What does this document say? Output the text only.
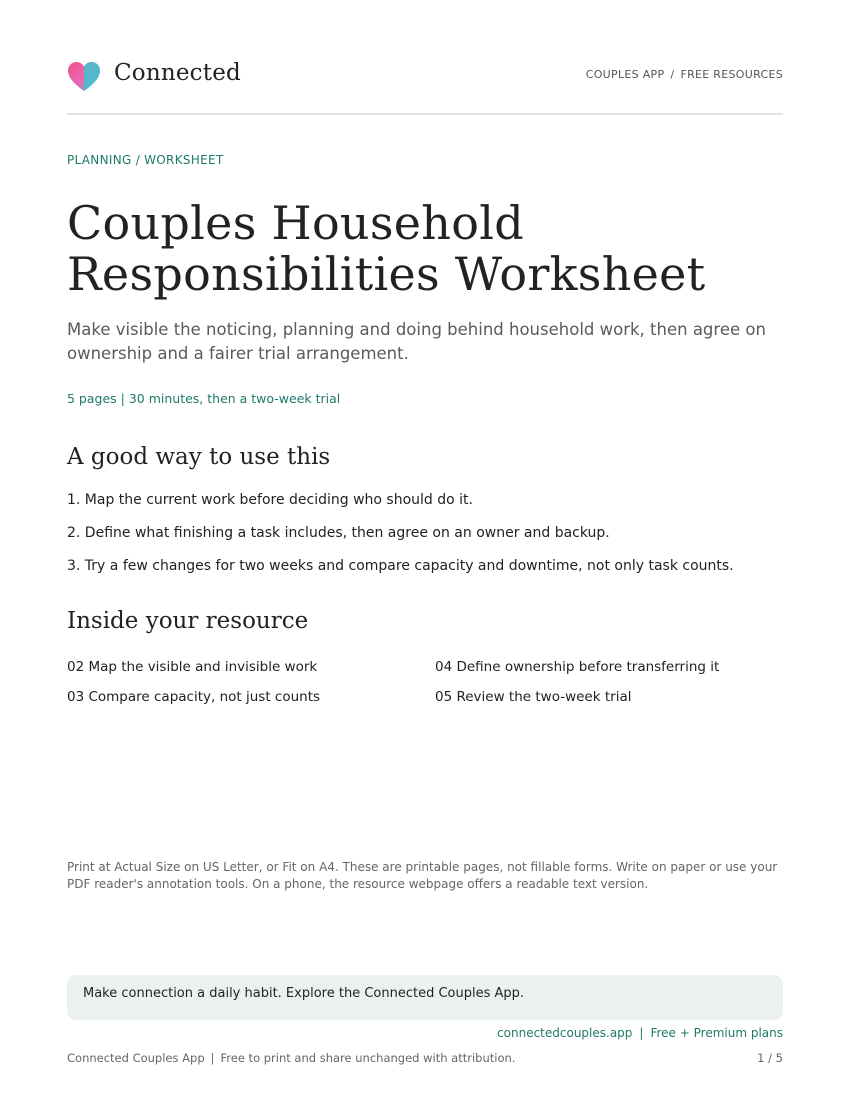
Connected	COUPLES APP / FREE RESOURCES
PLANNING / WORKSHEET
Couples Household Responsibilities Worksheet

Make visible the noticing, planning and doing behind household work, then agree on ownership and a fairer trial arrangement.

5 pages | 30 minutes, then a two-week trial
A good way to use this
1. Map the current work before deciding who should do it.
2. Define what finishing a task includes, then agree on an owner and backup.
3. Try a few changes for two weeks and compare capacity and downtime, not only task counts.
Inside your resource
02 Map the visible and invisible work
03 Compare capacity, not just counts
04 Define ownership before transferring it
05 Review the two-week trial

Print at Actual Size on US Letter, or Fit on A4. These are printable pages, not fillable forms. Write on paper or use your PDF reader's annotation tools. On a phone, the resource webpage offers a readable text version.

Make connection a daily habit. Explore the Connected Couples App.
connectedcouples.app | Free + Premium plans
Connected Couples App | Free to print and share unchanged with attribution.	1 / 5
